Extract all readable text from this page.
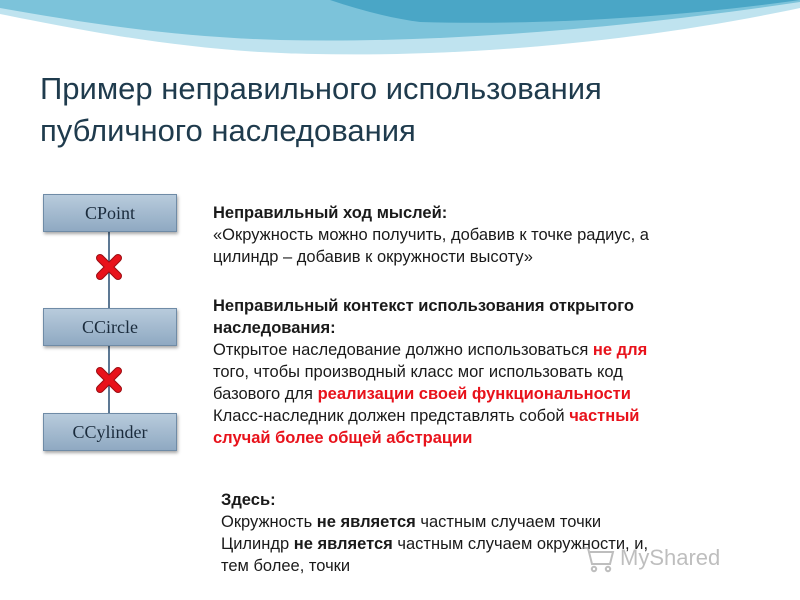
Пример неправильного использования
публичного наследования
CPoint
CCircle
CCylinder
Неправильный ход мыслей:
«Окружность можно получить, добавив к точке радиус, а
цилиндр – добавив к окружности высоту»
Неправильный контекст использования открытого
наследования:
Открытое наследование должно использоваться не для
того, чтобы производный класс мог использовать код
базового для реализации своей функциональности
Класс-наследник должен представлять собой частный
случай более общей абстрации
Здесь:
Окружность не является частным случаем точки
Цилиндр не является частным случаем окружности, и,
тем более, точки	MyShared
